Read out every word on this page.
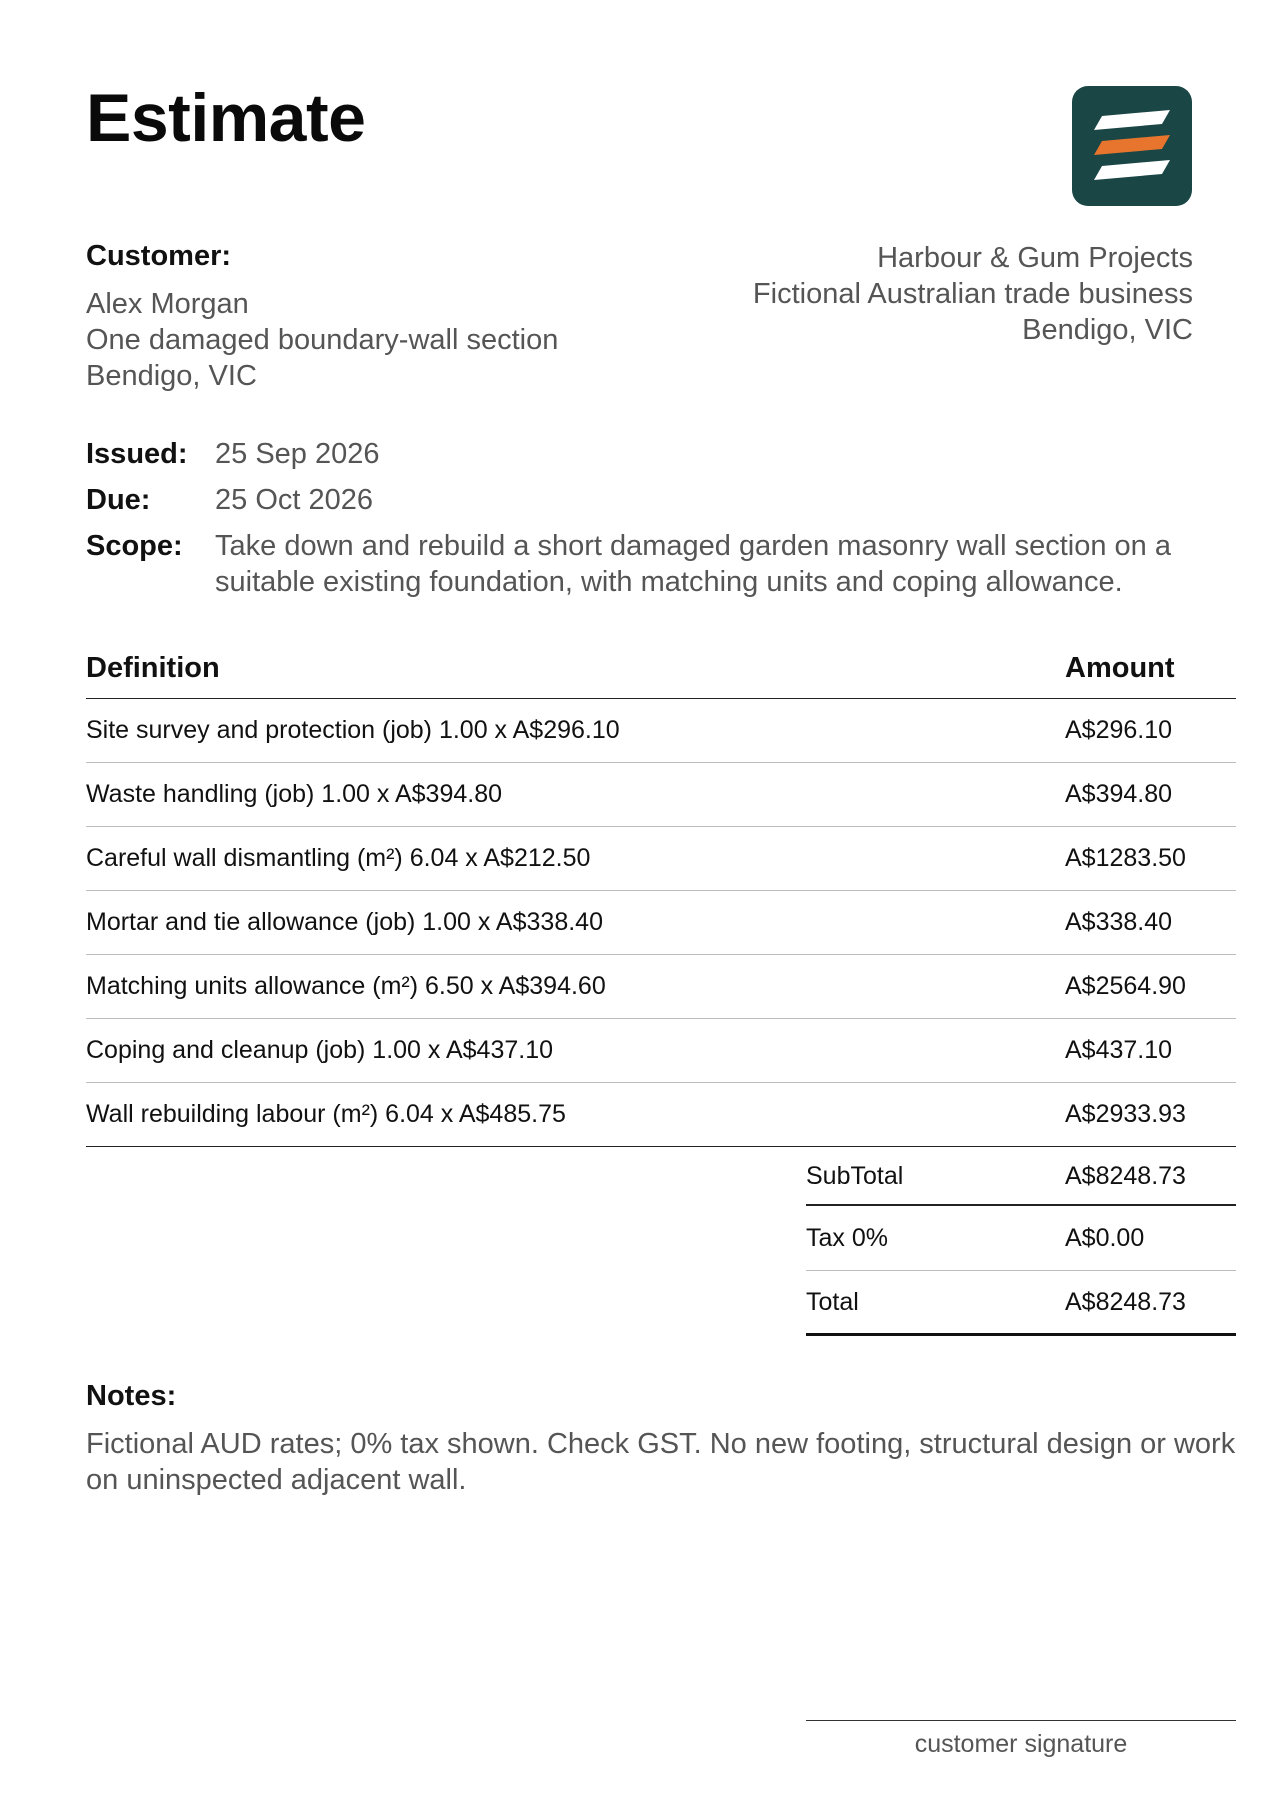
Estimate
Customer:
Alex Morgan
One damaged boundary-wall section
Bendigo, VIC
Harbour & Gum Projects
Fictional Australian trade business
Bendigo, VIC
Issued: 25 Sep 2026
Due:	25 Oct 2026
Scope:	Take down and rebuild a short damaged garden masonry wall section on a suitable existing foundation, with matching units and coping allowance.
Definition	Amount
Site survey and protection (job) 1.00 x A$296.10	A$296.10
Waste handling (job) 1.00 x A$394.80	A$394.80
Careful wall dismantling (m²) 6.04 x A$212.50	A$1283.50
Mortar and tie allowance (job) 1.00 x A$338.40	A$338.40
Matching units allowance (m²) 6.50 x A$394.60	A$2564.90
Coping and cleanup (job) 1.00 x A$437.10	A$437.10
Wall rebuilding labour (m²) 6.04 x A$485.75	A$2933.93
SubTotal	A$8248.73
Tax 0%	A$0.00
Total	A$8248.73
Notes:
Fictional AUD rates; 0% tax shown. Check GST. No new footing, structural design or work on uninspected adjacent wall.
customer signature
